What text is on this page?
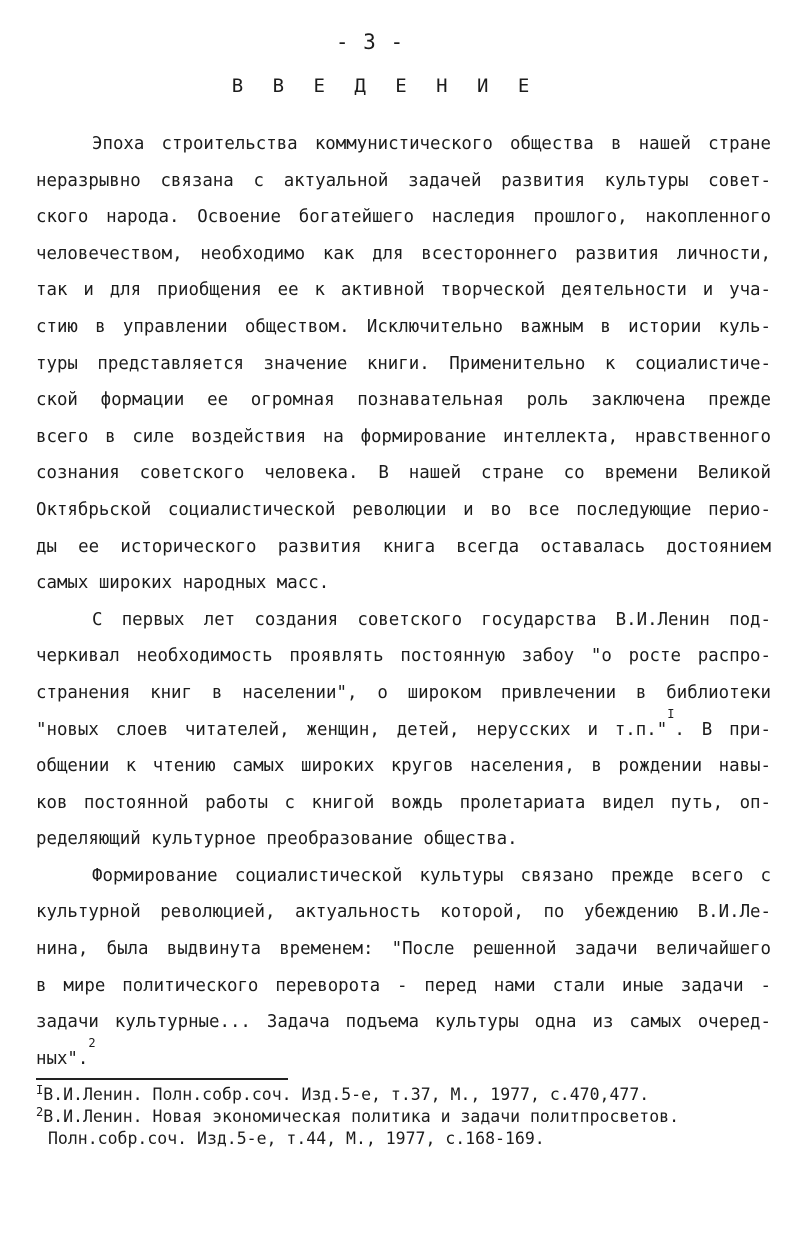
- 3 -
В В Е Д Е Н И Е
Эпоха строительства коммунистического общества в нашей стране
неразрывно связана с актуальной задачей развития культуры совет-
ского народа. Освоение богатейшего наследия прошлого, накопленного
человечеством, необходимо как для всестороннего развития личности,
так и для приобщения ее к активной творческой деятельности и уча-
стию в управлении обществом. Исключительно важным в истории куль-
туры представляется значение книги. Применительно к социалистиче-
ской формации ее огромная познавательная роль заключена прежде
всего в силе воздействия на формирование интеллекта, нравственного
сознания советского человека. В нашей стране со времени Великой
Октябрьской социалистической революции и во все последующие перио-
ды ее исторического развития книга всегда оставалась достоянием
самых широких народных масс.
С первых лет создания советского государства В.И.Ленин под-
черкивал необходимость проявлять постоянную забоу "о росте распро-
странения книг в населении", о широком привлечении в библиотеки
"новых слоев читателей, женщин, детей, нерусских и т.п."$^I$. В при-
общении к чтению самых широких кругов населения, в рождении навы-
ков постоянной работы с книгой вождь пролетариата видел путь, оп-
ределяющий культурное преобразование общества.
Формирование социалистической культуры связано прежде всего с
культурной революцией, актуальность которой, по убеждению В.И.Ле-
нина, была выдвинута временем: "После решенной задачи величайшего
в мире политического переворота - перед нами стали иные задачи -
задачи культурные... Задача подъема культуры одна из самых очеред-
ных".$^2$
$^I$В.И.Ленин. Полн.собр.соч. Изд.5-е, т.37, М., 1977, с.470,477.
$^2$В.И.Ленин. Новая экономическая политика и задачи политпросветов.
Полн.собр.соч. Изд.5-е, т.44, М., 1977, с.168-169.
